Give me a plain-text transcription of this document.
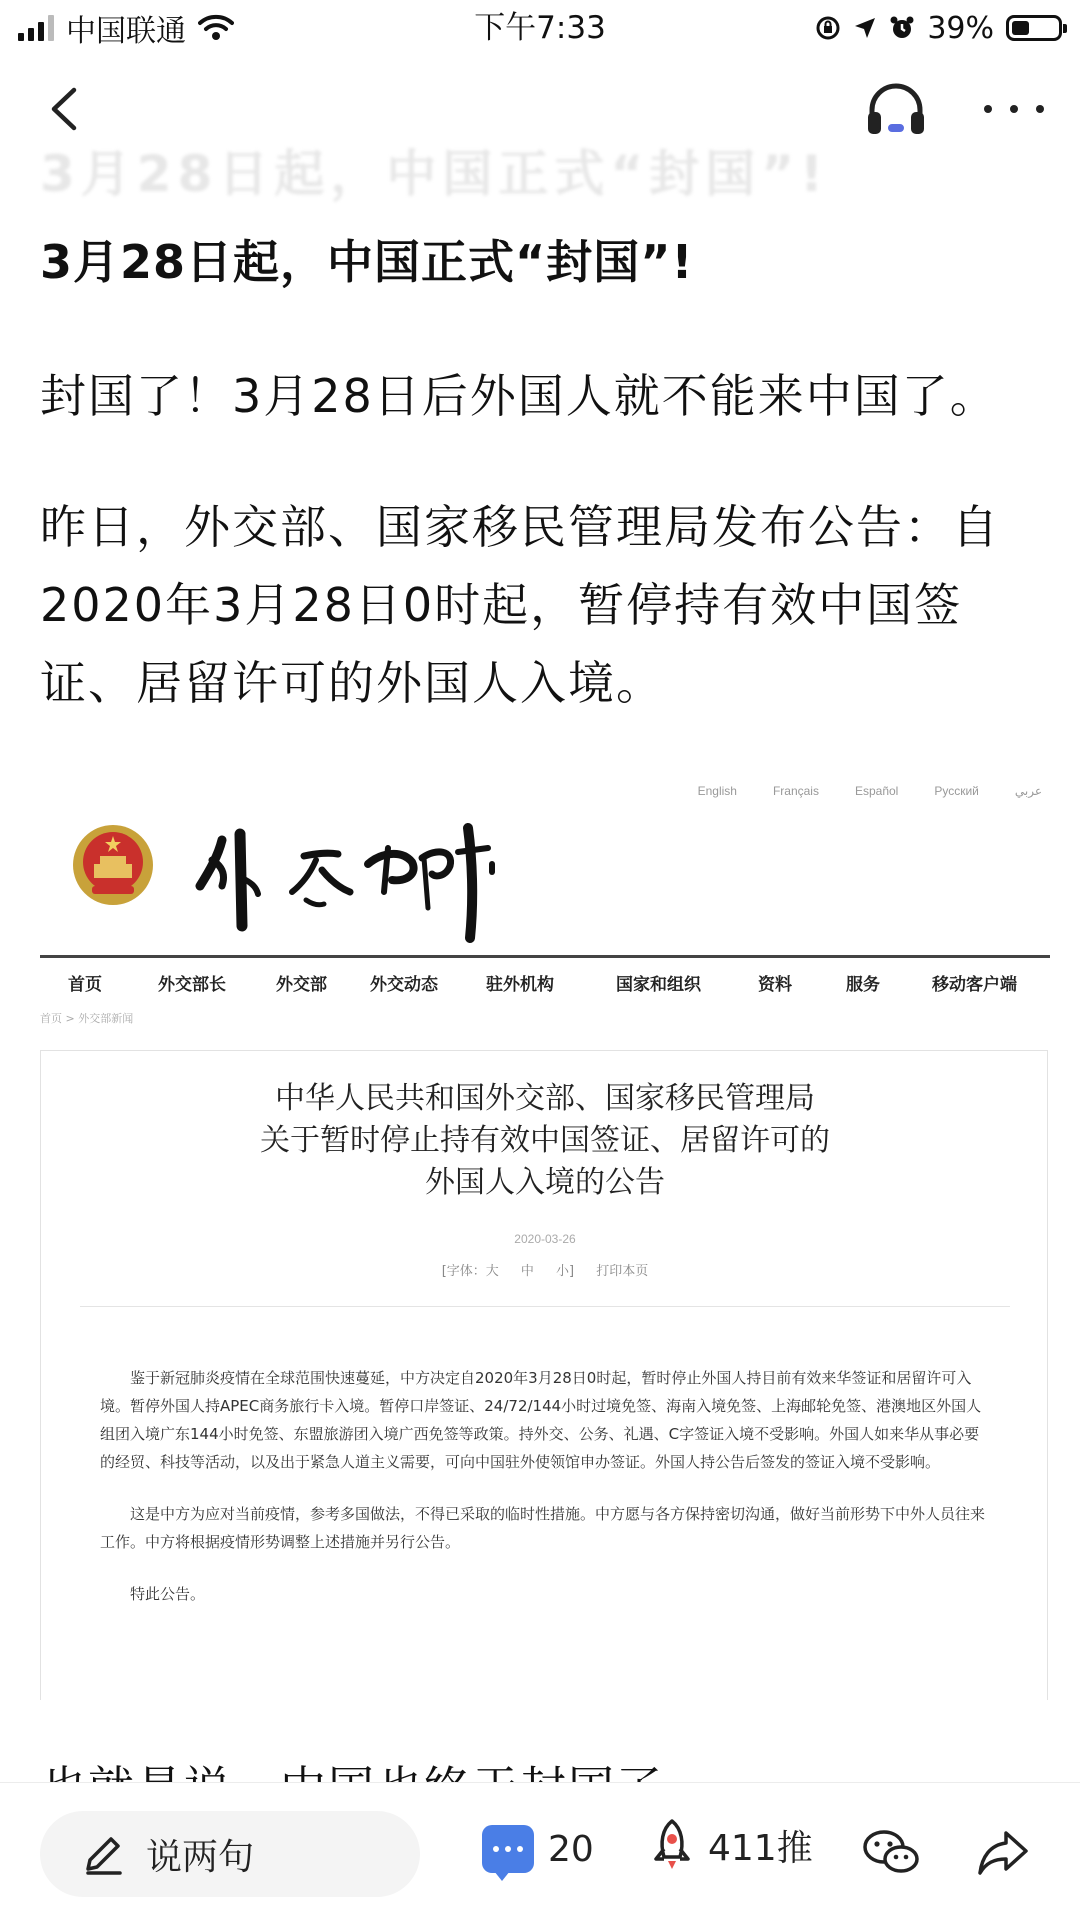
中国联通	下午7:33	39%
3月28日起，中国正式“封国”!
3月28日起，中国正式“封国”!
封国了！3月28日后外国人就不能来中国了。
昨日，外交部、国家移民管理局发布公告：自2020年3月28日0时起，暂停持有效中国签证、居留许可的外国人入境。
English	Français	Español	Русский	عربي
首页	外交部长	外交部	外交动态	驻外机构	国家和组织	资料	服务	移动客户端
首页 > 外交部新闻
中华人民共和国外交部、国家移民管理局
关于暂时停止持有效中国签证、居留许可的
外国人入境的公告
2020-03-26
[字体：大 中 小] 打印本页

鉴于新冠肺炎疫情在全球范围快速蔓延，中方决定自2020年3月28日0时起，暂时停止外国人持目前有效来华签证和居留许可入境。暂停外国人持APEC商务旅行卡入境。暂停口岸签证、24/72/144小时过境免签、海南入境免签、上海邮轮免签、港澳地区外国人组团入境广东144小时免签、东盟旅游团入境广西免签等政策。持外交、公务、礼遇、C字签证入境不受影响。外国人如来华从事必要的经贸、科技等活动，以及出于紧急人道主义需要，可向中国驻外使领馆申办签证。外国人持公告后签发的签证入境不受影响。

这是中方为应对当前疫情，参考多国做法，不得已采取的临时性措施。中方愿与各方保持密切沟通，做好当前形势下中外人员往来工作。中方将根据疫情形势调整上述措施并另行公告。

特此公告。

说两句	20	411推
